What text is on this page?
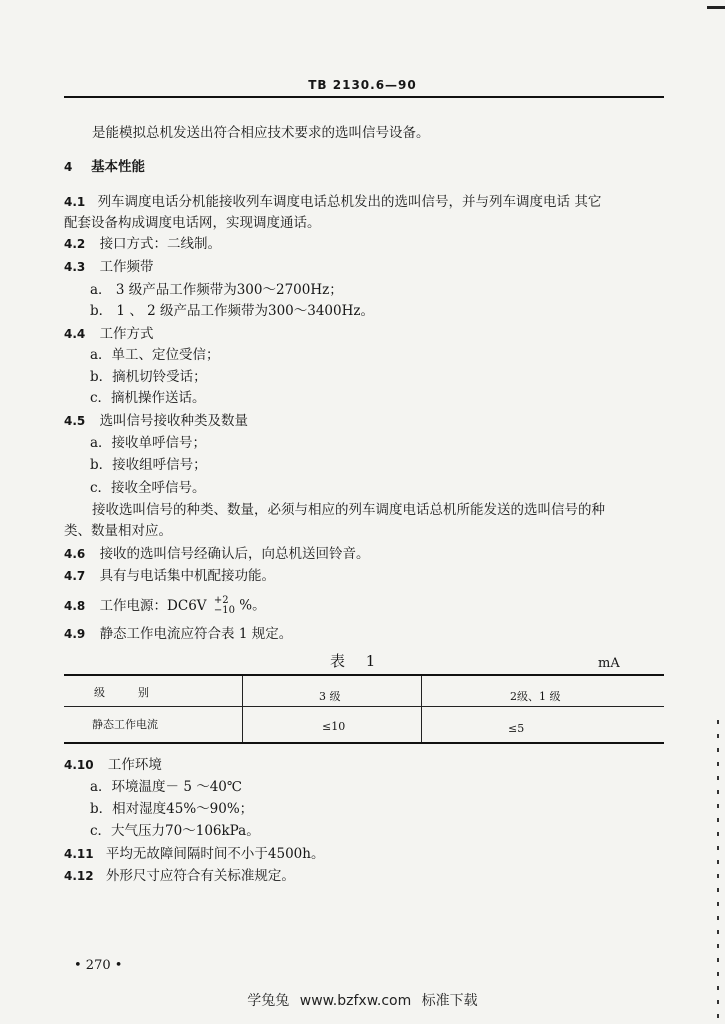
TB 2130.6—90
是能模拟总机发送出符合相应技术要求的选叫信号设备。
4 基本性能
4.1 列车调度电话分机能接收列车调度电话总机发出的选叫信号，并与列车调度电话 其它
配套设备构成调度电话网，实现调度通话。
4.2 接口方式：二线制。
4.3 工作频带
a． 3 级产品工作频带为300～2700Hz；
b． 1 、 2 级产品工作频带为300～3400Hz。
4.4 工作方式
a．单工、定位受信；
b．摘机切铃受话；
c．摘机操作送话。
4.5 选叫信号接收种类及数量
a．接收单呼信号；
b．接收组呼信号；
c．接收全呼信号。
接收选叫信号的种类、数量，必须与相应的列车调度电话总机所能发送的选叫信号的种
类、数量相对应。
4.6 接收的选叫信号经确认后，向总机送回铃音。
4.7 具有与电话集中机配接功能。
4.8 工作电源：DC6V +2
−10 %。
4.9 静态工作电流应符合表 1 规定。
表 1	mA
级　　　别	3 级	2级、1 级
静态工作电流	≤10	≤5
4.10 工作环境
a．环境温度－ 5 ～40℃
b．相对湿度45%～90%；
c．大气压力70～106kPa。
4.11 平均无故障间隔时间不小于4500h。
4.12 外形尺寸应符合有关标准规定。
• 270 •
学兔兔 www.bzfxw.com 标准下载
